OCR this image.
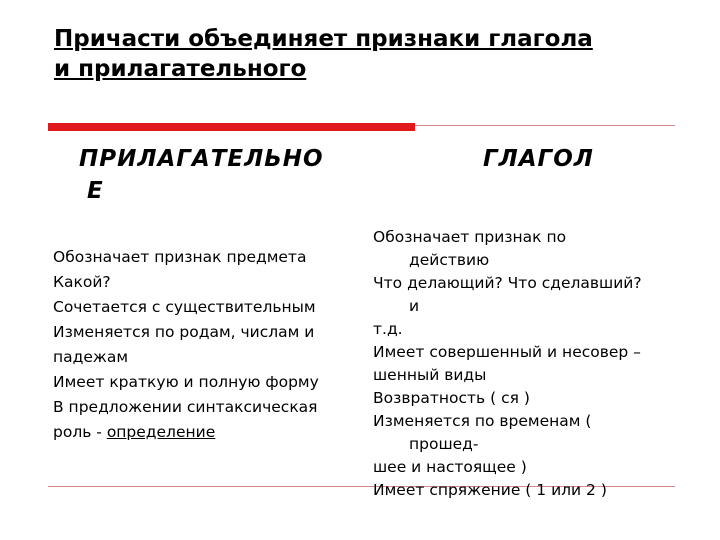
Причасти объединяет признаки глагола
и прилагательного
ПРИЛАГАТЕЛЬНО
Е
ГЛАГОЛ
Обозначает признак предмета
Какой?
Сочетается с существительным
Изменяется по родам, числам и
падежам
Имеет краткую и полную форму
В предложении синтаксическая
роль - определение
Обозначает признак по
действию
Что делающий? Что сделавший?
и
т.д.
Имеет совершенный и несовер –
шенный виды
Возвратность ( ся )
Изменяется по временам (
прошед-
шее и настоящее )
Имеет спряжение ( 1 или 2 )
